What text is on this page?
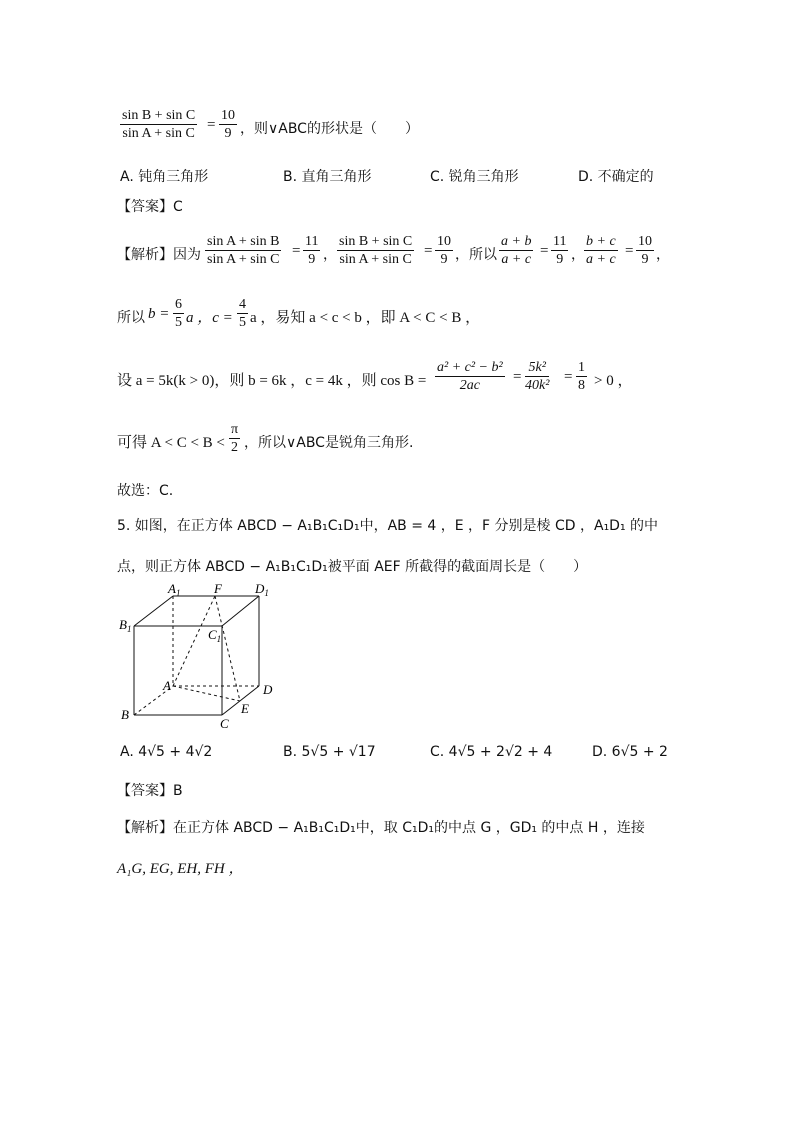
$\frac{\text{sin B + sin C}}{\text{sin A + sin C}} = \frac{10}{9}$ ，则∨ABC的形状是（　　）
A. 钝角三角形	B. 直角三角形	C. 锐角三角形	D. 不确定的
【答案】C
【解析】因为 $\frac{\text{sin A + sin B}}{\text{sin A + sin C}} = \frac{11}{9}$ ， $\frac{\text{sin B + sin C}}{\text{sin A + sin C}} = \frac{10}{9}$ ，所以 $\frac{a + b}{a + c} = \frac{11}{9}$ ， $\frac{b + c}{a + c} = \frac{10}{9}$ ，
所以 $b = \frac{6}{5}$ a ，$c = \frac{4}{5}$ a ，易知 a < c < b ，即 A < C < B ，
设 a = 5k(k > 0)，则 b = 6k ，c = 4k ，则 $\cos B = \frac{\text{a² + c² − b²}}{2ac} = \frac{\text{5k²}}{\text{40k²}} = \frac{1}{8} > 0$ ，
可得 $A < C < B < \frac{\pi}{2}$ ，所以∨ABC是锐角三角形.
故选：C.
5. 如图，在正方体 ABCD − A₁B₁C₁D₁中，AB = 4 ，E ，F 分别是棱 CD ，A₁D₁ 的中
点，则正方体 ABCD − A₁B₁C₁D₁被平面 AEF 所截得的截面周长是（　　）
$A_1$	F	$D_1$
$B_1$	$C_1$
A	D
B	E
C
A. 4√5 + 4√2	B. 5√5 + √17	C. 4√5 + 2√2 + 4	D. 6√5 + 2
【答案】B
【解析】在正方体 ABCD − A₁B₁C₁D₁中，取 C₁D₁的中点 G ，GD₁ 的中点 H ，连接
A₁G, EG, EH, FH ，
